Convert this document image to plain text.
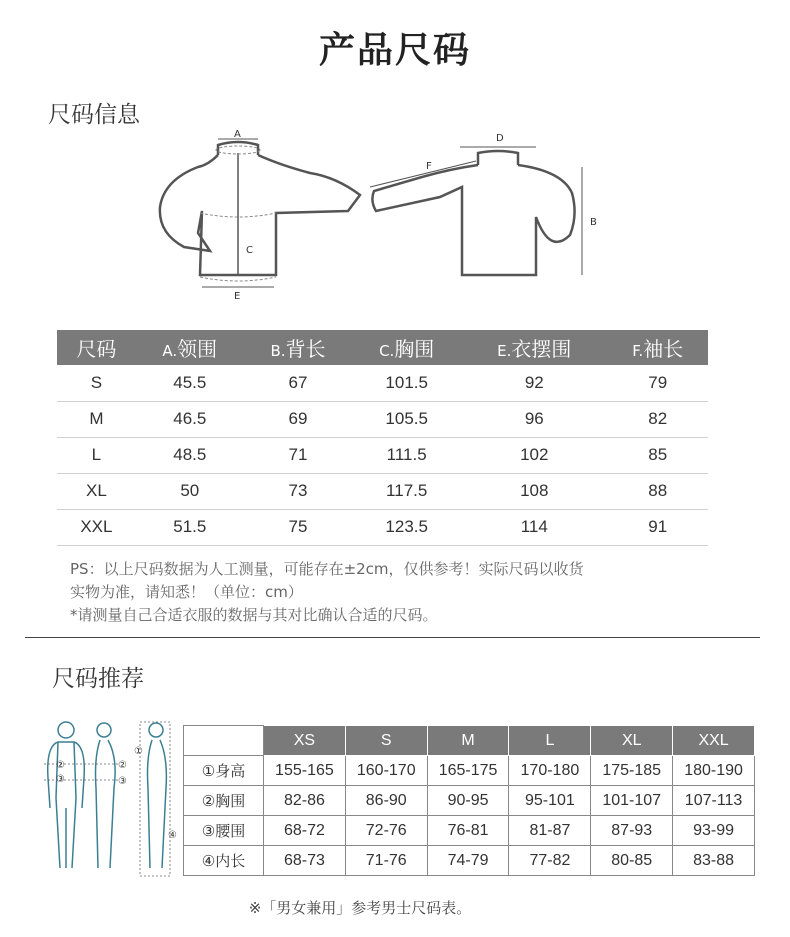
产品尺码
尺码信息
A
C
E
D
F
B
尺码	A.领围	B.背长	C.胸围	E.衣摆围	F.袖长
S	45.5	67	101.5	92	79
M	46.5	69	105.5	96	82
L	48.5	71	111.5	102	85
XL	50	73	117.5	108	88
XXL	51.5	75	123.5	114	91
PS：以上尺码数据为人工测量，可能存在±2cm，仅供参考！实际尺码以收货
实物为准，请知悉！（单位：cm）
*请测量自己合适衣服的数据与其对比确认合适的尺码。
尺码推荐
②
③
②
③
①
④
	XS	S	M	L	XL	XXL
①身高	155-165	160-170	165-175	170-180	175-185	180-190
②胸围	82-86	86-90	90-95	95-101	101-107	107-113
③腰围	68-72	72-76	76-81	81-87	87-93	93-99
④内长	68-73	71-76	74-79	77-82	80-85	83-88
※「男女兼用」参考男士尺码表。
